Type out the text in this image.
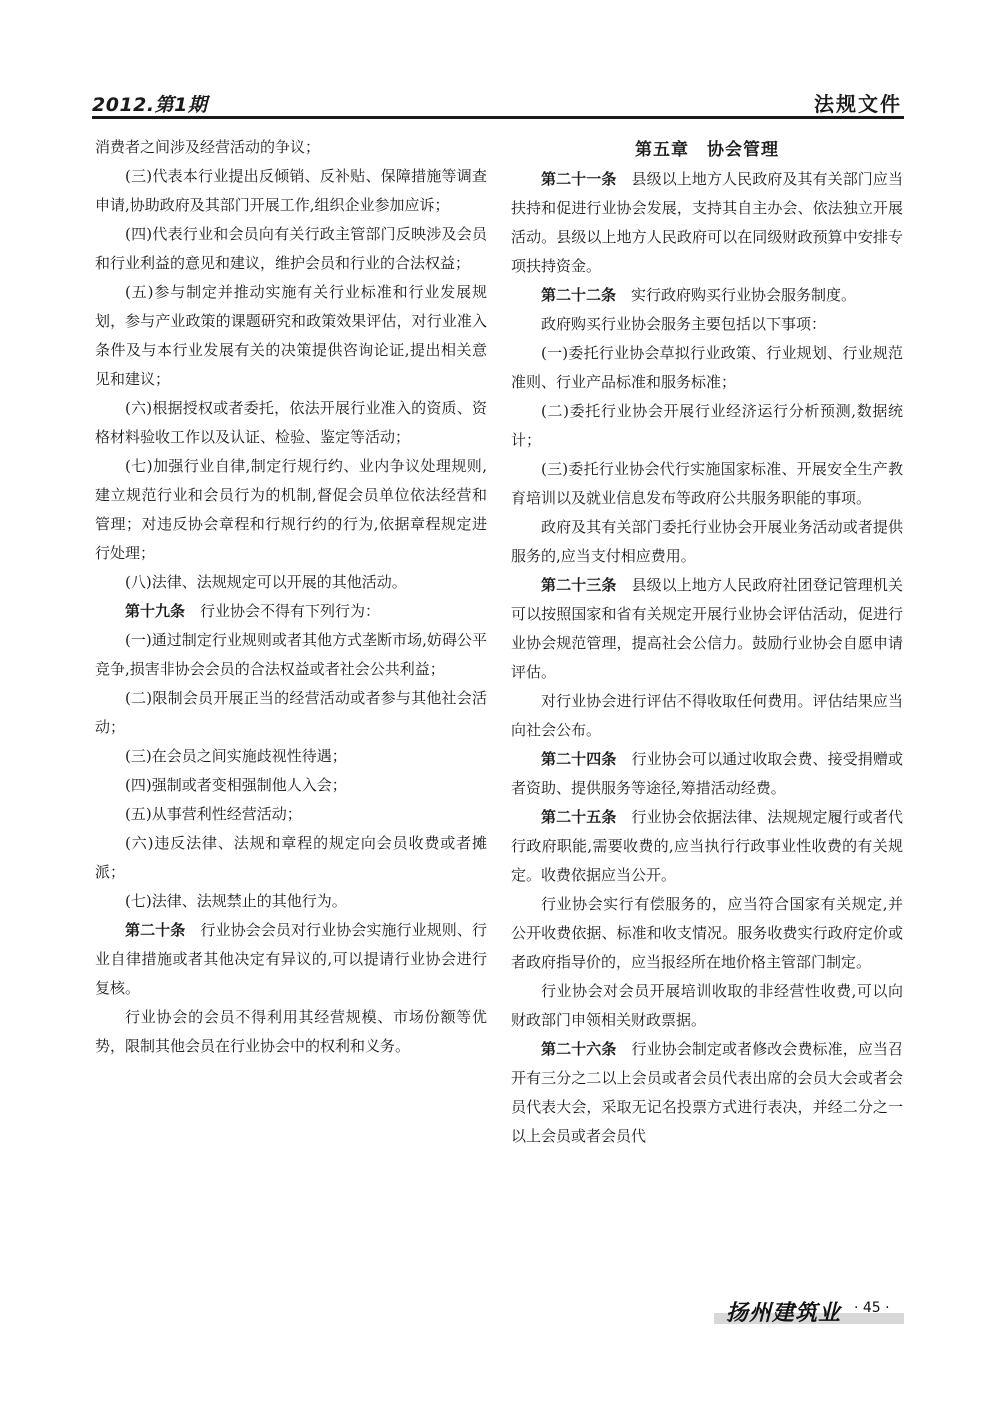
2012.第1期	法规文件

消费者之间涉及经营活动的争议；

(三)代表本行业提出反倾销、反补贴、保障措施等调查申请,协助政府及其部门开展工作,组织企业参加应诉；

(四)代表行业和会员向有关行政主管部门反映涉及会员和行业利益的意见和建议，维护会员和行业的合法权益；

(五)参与制定并推动实施有关行业标准和行业发展规划，参与产业政策的课题研究和政策效果评估，对行业准入条件及与本行业发展有关的决策提供咨询论证,提出相关意见和建议；

(六)根据授权或者委托，依法开展行业准入的资质、资格材料验收工作以及认证、检验、鉴定等活动；

(七)加强行业自律,制定行规行约、业内争议处理规则,建立规范行业和会员行为的机制,督促会员单位依法经营和管理；对违反协会章程和行规行约的行为,依据章程规定进行处理；

(八)法律、法规规定可以开展的其他活动。

第十九条　行业协会不得有下列行为：

(一)通过制定行业规则或者其他方式垄断市场,妨碍公平竞争,损害非协会会员的合法权益或者社会公共利益；

(二)限制会员开展正当的经营活动或者参与其他社会活动；

(三)在会员之间实施歧视性待遇；

(四)强制或者变相强制他人入会；

(五)从事营利性经营活动；

(六)违反法律、法规和章程的规定向会员收费或者摊派；

(七)法律、法规禁止的其他行为。

第二十条　行业协会会员对行业协会实施行业规则、行业自律措施或者其他决定有异议的,可以提请行业协会进行复核。

行业协会的会员不得利用其经营规模、市场份额等优势，限制其他会员在行业协会中的权利和义务。

第五章　协会管理

第二十一条　县级以上地方人民政府及其有关部门应当扶持和促进行业协会发展，支持其自主办会、依法独立开展活动。县级以上地方人民政府可以在同级财政预算中安排专项扶持资金。

第二十二条　实行政府购买行业协会服务制度。

政府购买行业协会服务主要包括以下事项：

(一)委托行业协会草拟行业政策、行业规划、行业规范准则、行业产品标准和服务标准；

(二)委托行业协会开展行业经济运行分析预测,数据统计；

(三)委托行业协会代行实施国家标准、开展安全生产教育培训以及就业信息发布等政府公共服务职能的事项。

政府及其有关部门委托行业协会开展业务活动或者提供服务的,应当支付相应费用。

第二十三条　县级以上地方人民政府社团登记管理机关可以按照国家和省有关规定开展行业协会评估活动，促进行业协会规范管理，提高社会公信力。鼓励行业协会自愿申请评估。

对行业协会进行评估不得收取任何费用。评估结果应当向社会公布。

第二十四条　行业协会可以通过收取会费、接受捐赠或者资助、提供服务等途径,筹措活动经费。

第二十五条　行业协会依据法律、法规规定履行或者代行政府职能,需要收费的,应当执行行政事业性收费的有关规定。收费依据应当公开。

行业协会实行有偿服务的，应当符合国家有关规定,并公开收费依据、标准和收支情况。服务收费实行政府定价或者政府指导价的，应当报经所在地价格主管部门制定。

行业协会对会员开展培训收取的非经营性收费,可以向财政部门申领相关财政票据。

第二十六条　行业协会制定或者修改会费标准，应当召开有三分之二以上会员或者会员代表出席的会员大会或者会员代表大会，采取无记名投票方式进行表决，并经二分之一以上会员或者会员代

扬州建筑业 · 45 ·
